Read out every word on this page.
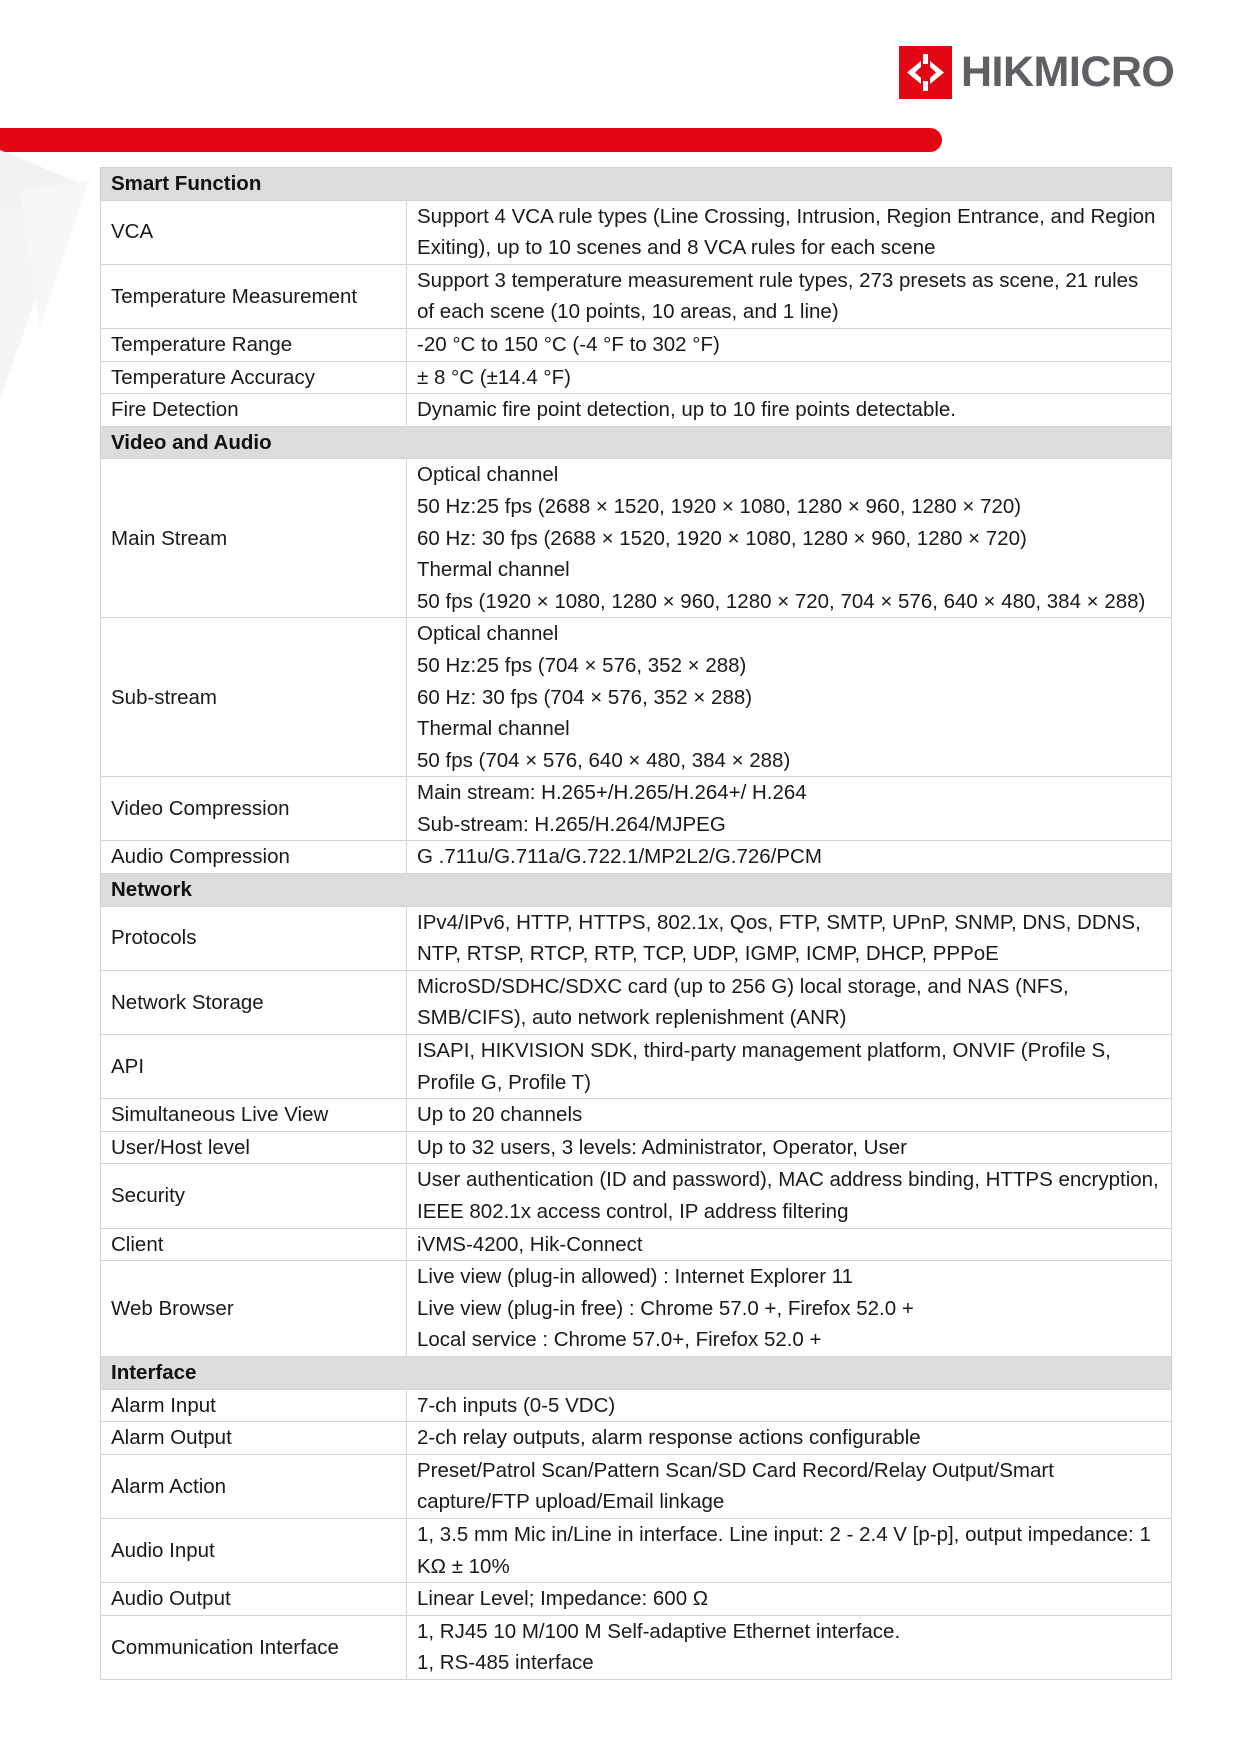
HIKMICRO
Smart Function	
VCA	Support 4 VCA rule types (Line Crossing, Intrusion, Region Entrance, and Region Exiting), up to 10 scenes and 8 VCA rules for each scene

Temperature Measurement	Support 3 temperature measurement rule types, 273 presets as scene, 21 rules of each scene (10 points, 10 areas, and 1 line)

Temperature Range	-20 °C to 150 °C (-4 °F to 302 °F)

Temperature Accuracy	± 8 °C (±14.4 °F)

Fire Detection	Dynamic fire point detection, up to 10 fire points detectable.

Video and Audio	
Main Stream	Optical channel
50 Hz:25 fps (2688 × 1520, 1920 × 1080, 1280 × 960, 1280 × 720)
60 Hz: 30 fps (2688 × 1520, 1920 × 1080, 1280 × 960, 1280 × 720)
Thermal channel
50 fps (1920 × 1080, 1280 × 960, 1280 × 720, 704 × 576, 640 × 480, 384 × 288)

Sub-stream	Optical channel
50 Hz:25 fps (704 × 576, 352 × 288)
60 Hz: 30 fps (704 × 576, 352 × 288)
Thermal channel
50 fps (704 × 576, 640 × 480, 384 × 288)

Video Compression	Main stream: H.265+/H.265/H.264+/ H.264
Sub-stream: H.265/H.264/MJPEG

Audio Compression	G .711u/G.711a/G.722.1/MP2L2/G.726/PCM

Network	
Protocols	IPv4/IPv6, HTTP, HTTPS, 802.1x, Qos, FTP, SMTP, UPnP, SNMP, DNS, DDNS, NTP, RTSP, RTCP, RTP, TCP, UDP, IGMP, ICMP, DHCP, PPPoE

Network Storage	MicroSD/SDHC/SDXC card (up to 256 G) local storage, and NAS (NFS, SMB/CIFS), auto network replenishment (ANR)

API	ISAPI, HIKVISION SDK, third-party management platform, ONVIF (Profile S, Profile G, Profile T)

Simultaneous Live View	Up to 20 channels

User/Host level	Up to 32 users, 3 levels: Administrator, Operator, User

Security	User authentication (ID and password), MAC address binding, HTTPS encryption, IEEE 802.1x access control, IP address filtering

Client	iVMS-4200, Hik-Connect

Web Browser	Live view (plug-in allowed) : Internet Explorer 11
Live view (plug-in free) : Chrome 57.0 +, Firefox 52.0 +
Local service : Chrome 57.0+, Firefox 52.0 +

Interface	
Alarm Input	7-ch inputs (0-5 VDC)

Alarm Output	2-ch relay outputs, alarm response actions configurable

Alarm Action	Preset/Patrol Scan/Pattern Scan/SD Card Record/Relay Output/Smart capture/FTP upload/Email linkage

Audio Input	1, 3.5 mm Mic in/Line in interface. Line input: 2 - 2.4 V [p-p], output impedance: 1 KΩ ± 10%

Audio Output	Linear Level; Impedance: 600 Ω

Communication Interface	1, RJ45 10 M/100 M Self-adaptive Ethernet interface.
1, RS-485 interface
